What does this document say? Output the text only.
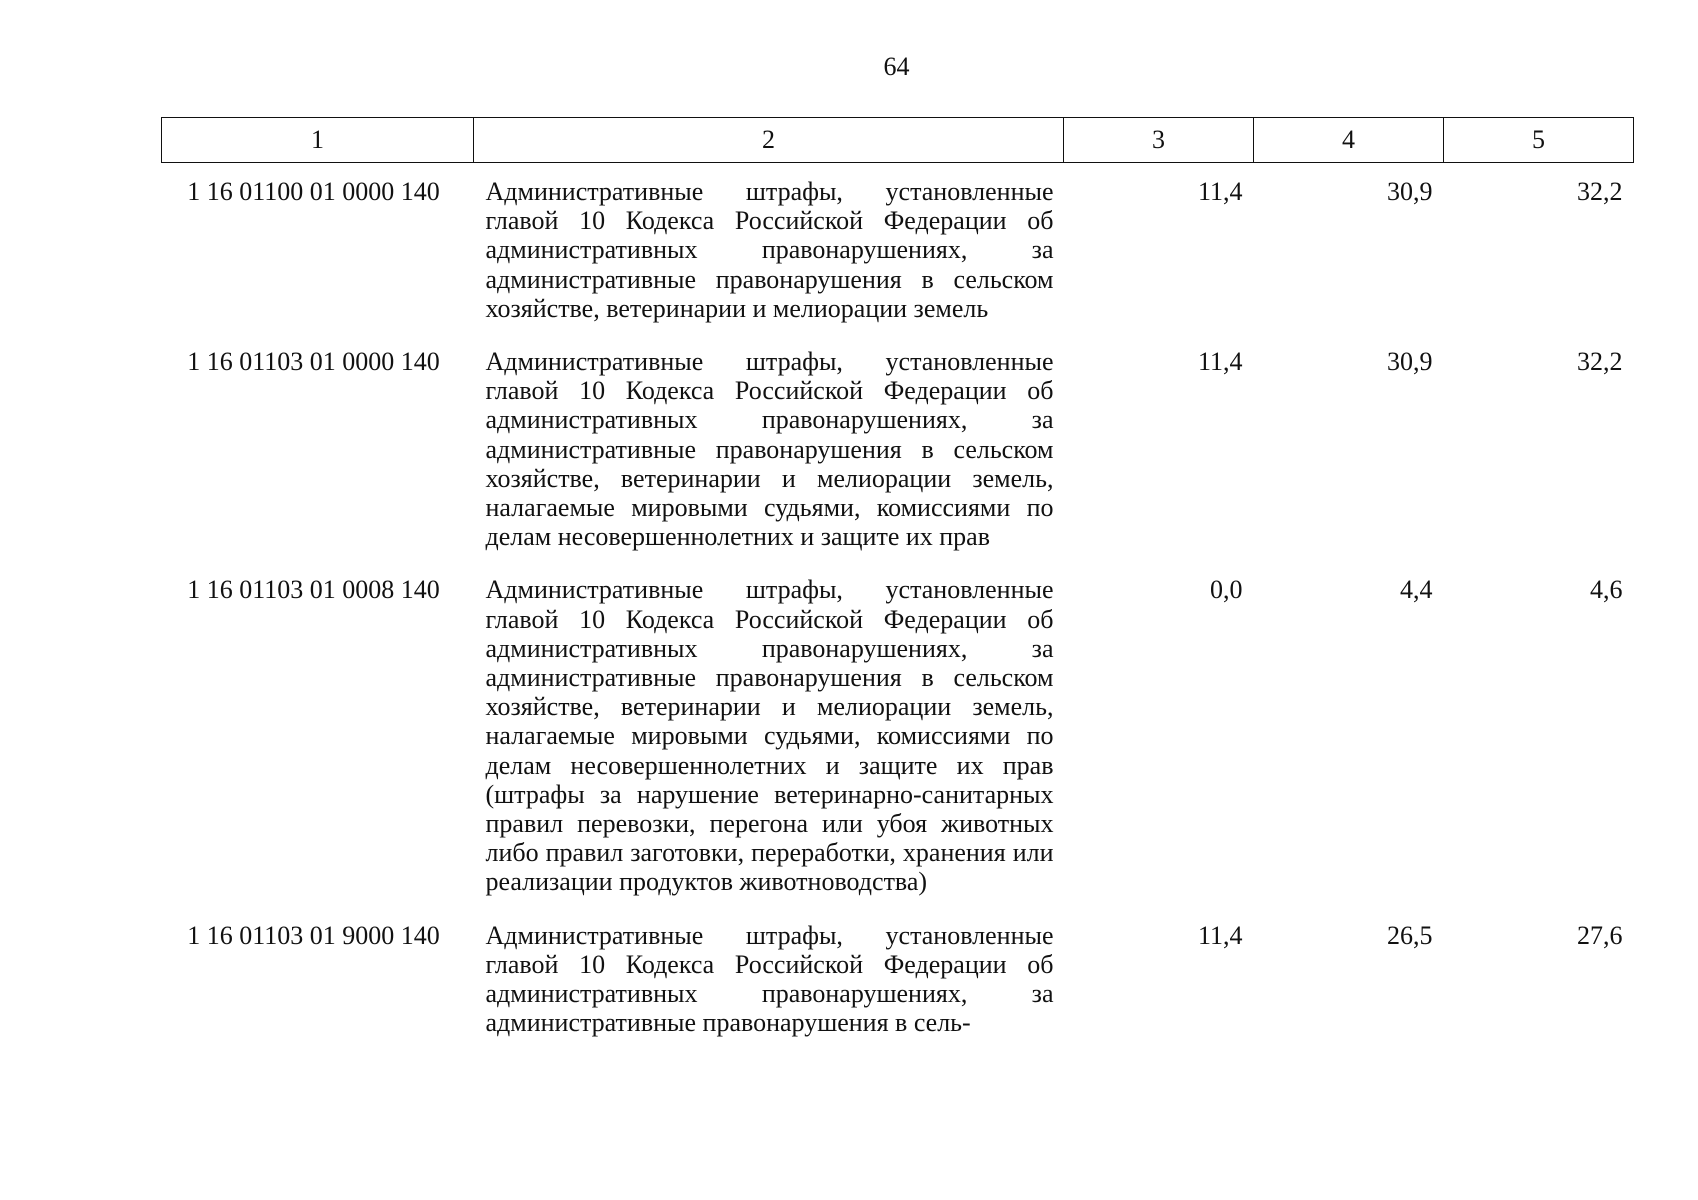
64
1	2	3	4	5
1 16 01100 01 0000 140	Административные штрафы, установленные главой 10 Кодекса Российской Федерации об административных правонарушениях, за административные правонарушения в сельском хозяйстве, ветеринарии и мелиорации земель	11,4	30,9	32,2
1 16 01103 01 0000 140	Административные штрафы, установленные главой 10 Кодекса Российской Федерации об административных правонарушениях, за административные правонарушения в сельском хозяйстве, ветеринарии и мелиорации земель, налагаемые мировыми судьями, комиссиями по делам несовершеннолетних и защите их прав	11,4	30,9	32,2
1 16 01103 01 0008 140	Административные штрафы, установленные главой 10 Кодекса Российской Федерации об административных правонарушениях, за административные правонарушения в сельском хозяйстве, ветеринарии и мелиорации земель, налагаемые мировыми судьями, комиссиями по делам несовершеннолетних и защите их прав (штрафы за нарушение ветеринарно-санитарных правил перевозки, перегона или убоя животных либо правил заготовки, переработки, хранения или реализации продуктов животноводства)	0,0	4,4	4,6
1 16 01103 01 9000 140	Административные штрафы, установленные главой 10 Кодекса Российской Федерации об административных правонарушениях, за административные правонарушения в сель-	11,4	26,5	27,6
